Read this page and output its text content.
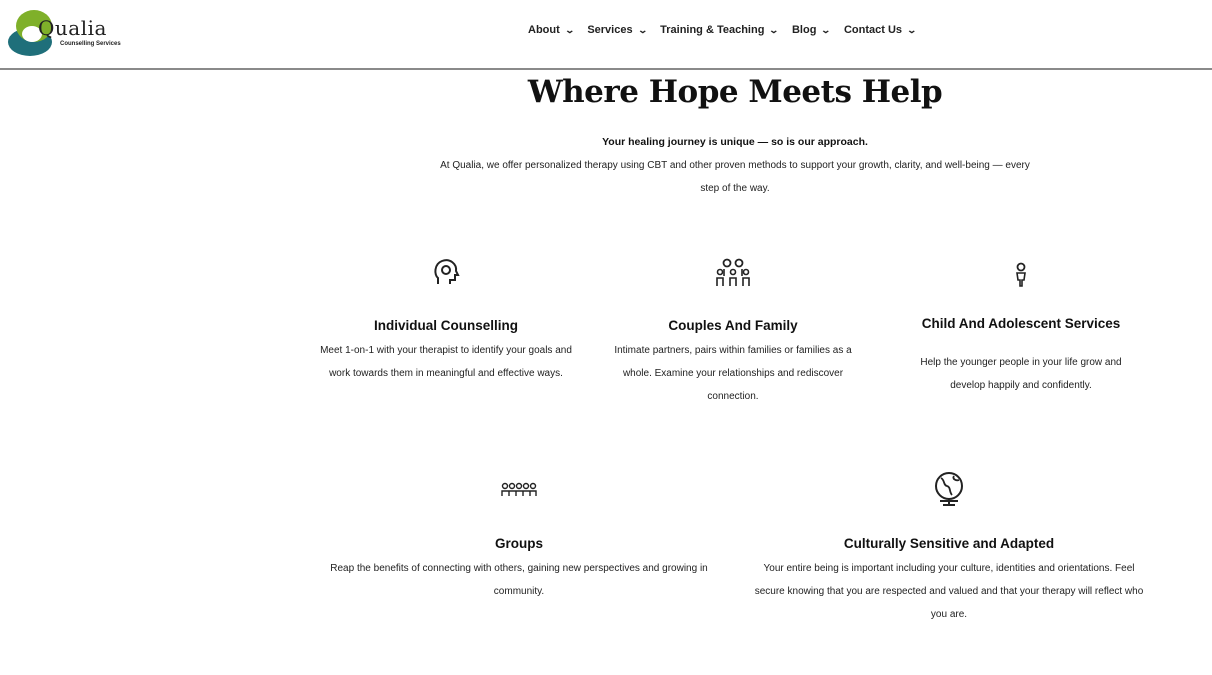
Qualia
Counselling Services
About ⌄ Services ⌄ Training & Teaching ⌄ Blog ⌄ Contact Us ⌄
Where Hope Meets Help
Your healing journey is unique — so is our approach.
At Qualia, we offer personalized therapy using CBT and other proven methods to support your growth, clarity, and well-being — every step of the way.
Individual Counselling
Meet 1-on-1 with your therapist to identify your goals and work towards them in meaningful and effective ways.
Couples And Family
Intimate partners, pairs within families or families as a whole. Examine your relationships and rediscover connection.
Child And Adolescent Services
Help the younger people in your life grow and develop happily and confidently.
Groups
Reap the benefits of connecting with others, gaining new perspectives and growing in community.
Culturally Sensitive and Adapted
Your entire being is important including your culture, identities and orientations. Feel secure knowing that you are respected and valued and that your therapy will reflect who you are.
